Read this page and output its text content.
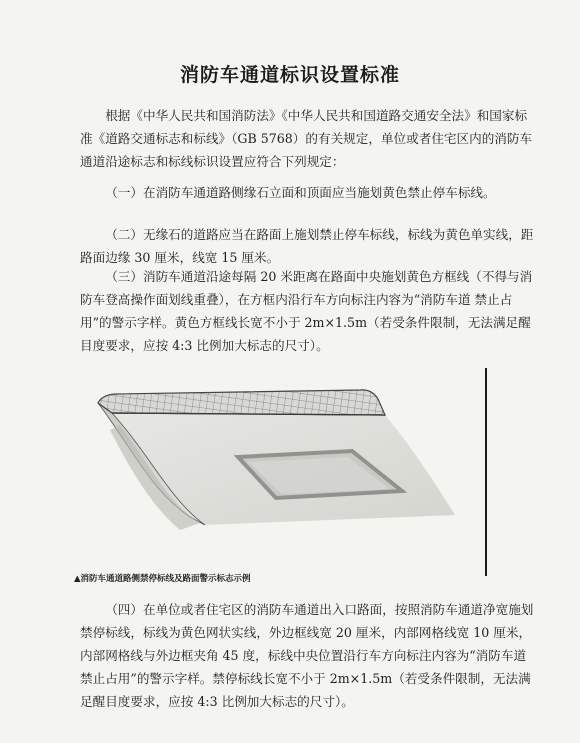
消防车通道标识设置标准

根据《中华人民共和国消防法》《中华人民共和国道路交通安全法》和国家标准《道路交通标志和标线》（GB 5768）的有关规定，单位或者住宅区内的消防车通道沿途标志和标线标识设置应符合下列规定：

（一）在消防车通道路侧缘石立面和顶面应当施划黄色禁止停车标线。

（二）无缘石的道路应当在路面上施划禁止停车标线，标线为黄色单实线，距路面边缘 30 厘米，线宽 15 厘米。

（三）消防车通道沿途每隔 20 米距离在路面中央施划黄色方框线（不得与消防车登高操作面划线重叠），在方框内沿行车方向标注内容为“消防车道 禁止占用”的警示字样。黄色方框线长宽不小于 2m×1.5m（若受条件限制，无法满足醒目度要求，应按 4:3 比例加大标志的尺寸）。

▲消防车通道路侧禁停标线及路面警示标志示例

（四）在单位或者住宅区的消防车通道出入口路面，按照消防车通道净宽施划禁停标线，标线为黄色网状实线，外边框线宽 20 厘米，内部网格线宽 10 厘米，内部网格线与外边框夹角 45 度，标线中央位置沿行车方向标注内容为“消防车道 禁止占用”的警示字样。禁停标线长宽不小于 2m×1.5m（若受条件限制，无法满足醒目度要求，应按 4:3 比例加大标志的尺寸）。
